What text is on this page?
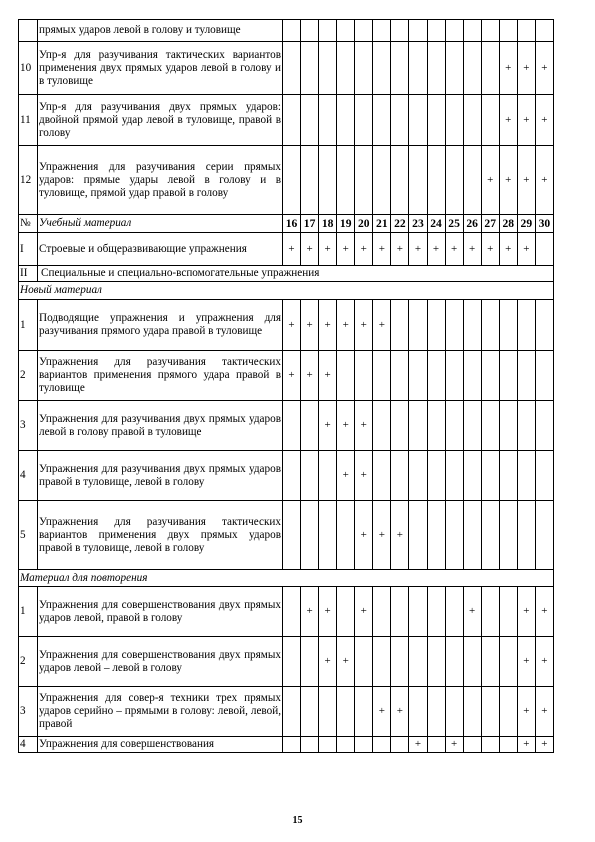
	прямых ударов левой в голову и туловище															
10	Упр-я для разучивания тактических вариантов применения двух прямых ударов левой в голову и в туловище													+	+	+
11	Упр-я для разучивания двух прямых ударов: двойной прямой удар левой в туловище, правой в голову													+	+	+
12	Упражнения для разучивания серии прямых ударов: прямые удары левой в голову и в туловище, прямой удар правой в голову												+	+	+	+
№	Учебный материал	16	17	18	19	20	21	22	23	24	25	26	27	28	29	30
I	Строевые и общеразвивающие упражнения	+	+	+	+	+	+	+	+	+	+	+	+	+	+	
II	Специальные и специально-вспомогательные упражнения															
Новый материал																
1	Подводящие упражнения и упражнения для разучивания прямого удара правой в туловище	+	+	+	+	+	+									
2	Упражнения для разучивания тактических вариантов применения прямого удара правой в туловище	+	+	+												
3	Упражнения для разучивания двух прямых ударов левой в голову правой в туловище			+	+	+										
4	Упражнения для разучивания двух прямых ударов правой в туловище, левой в голову				+	+										
5	Упражнения для разучивания тактических вариантов применения двух прямых ударов правой в туловище, левой в голову					+	+	+								
Материал для повторения																
1	Упражнения для совершенствования двух прямых ударов левой, правой в голову		+	+		+						+			+	+
2	Упражнения для совершенствования двух прямых ударов левой – левой в голову			+	+										+	+
3	Упражнения для совер-я техники трех прямых ударов серийно – прямыми в голову: левой, левой, правой						+	+							+	+
4	Упражнения для совершенствования								+		+				+	+
15
